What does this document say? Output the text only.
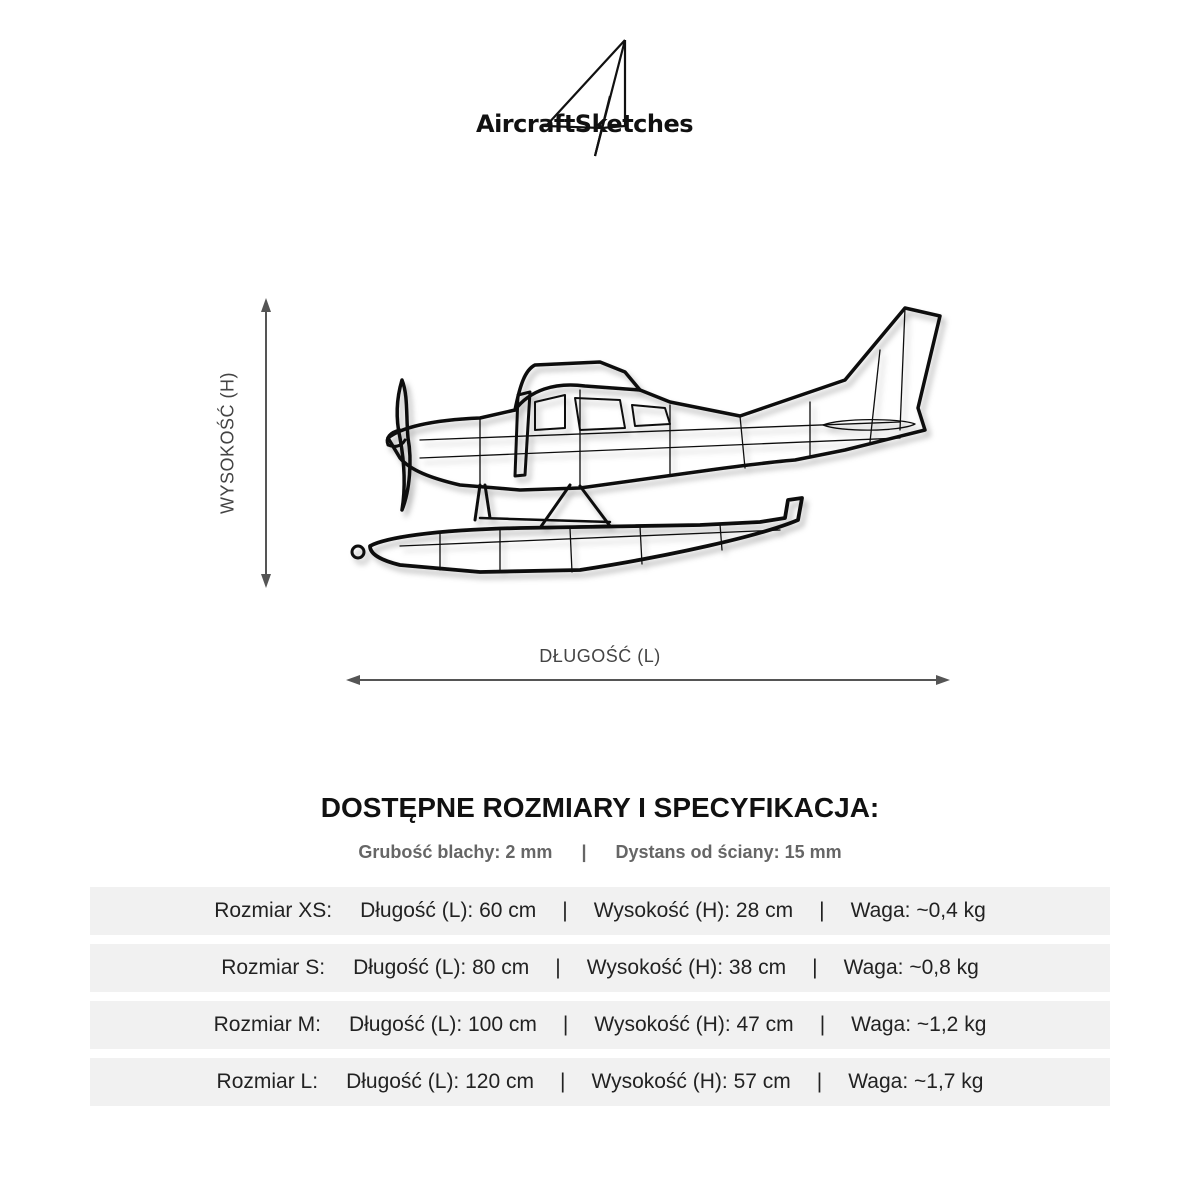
AircraftSketches
WYSOKOŚĆ (H)
DŁUGOŚĆ (L)
DOSTĘPNE ROZMIARY I SPECYFIKACJA:
Grubość blachy: 2 mm | Dystans od ściany: 15 mm
Rozmiar XS: Długość (L): 60 cm | Wysokość (H): 28 cm | Waga: ~0,4 kg
Rozmiar S: Długość (L): 80 cm | Wysokość (H): 38 cm | Waga: ~0,8 kg
Rozmiar M: Długość (L): 100 cm | Wysokość (H): 47 cm | Waga: ~1,2 kg
Rozmiar L: Długość (L): 120 cm | Wysokość (H): 57 cm | Waga: ~1,7 kg
